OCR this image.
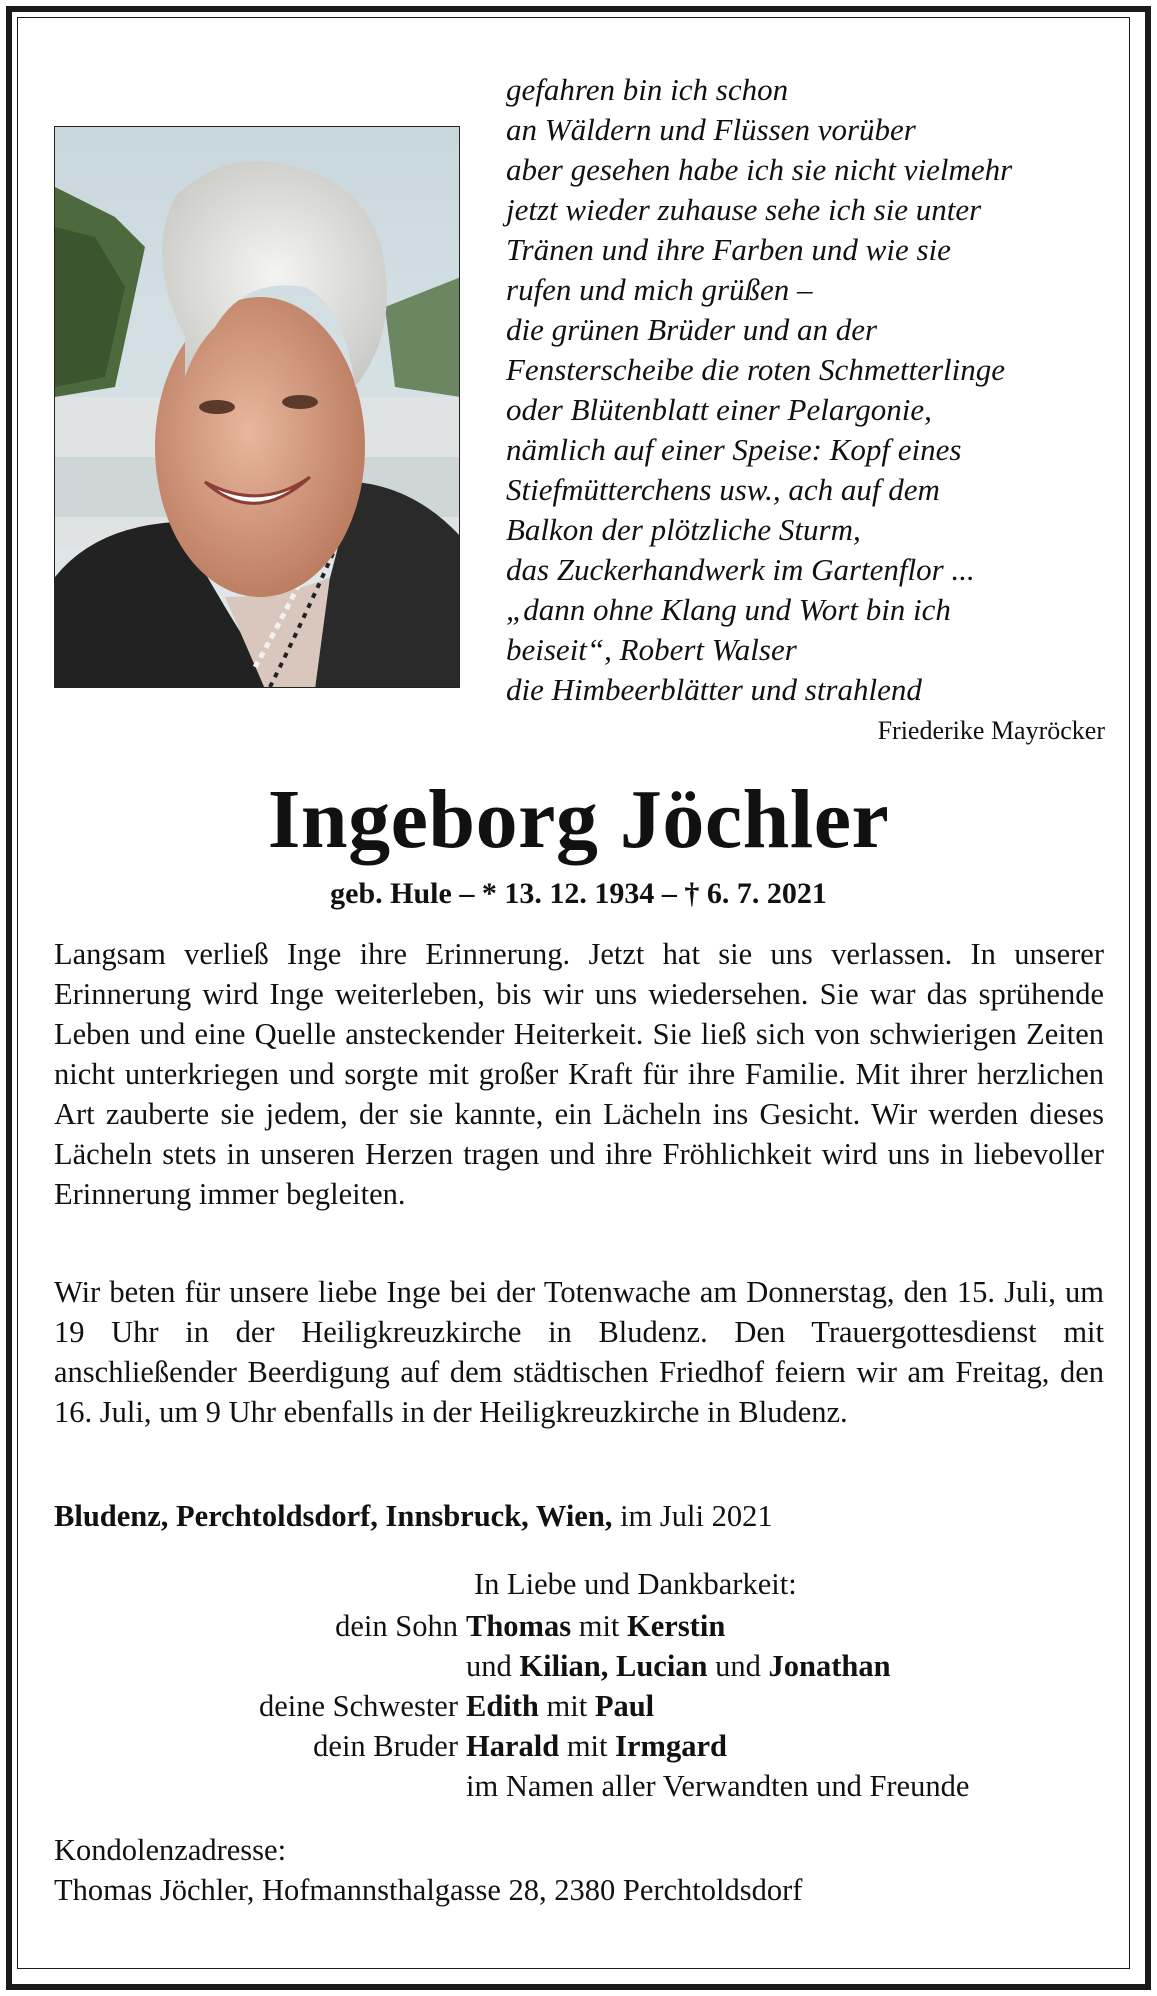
gefahren bin ich schon
an Wäldern und Flüssen vorüber
aber gesehen habe ich sie nicht vielmehr
jetzt wieder zuhause sehe ich sie unter
Tränen und ihre Farben und wie sie
rufen und mich grüßen –
die grünen Brüder und an der
Fensterscheibe die roten Schmetterlinge
oder Blütenblatt einer Pelargonie,
nämlich auf einer Speise: Kopf eines
Stiefmütterchens usw., ach auf dem
Balkon der plötzliche Sturm,
das Zuckerhandwerk im Gartenflor ...
„dann ohne Klang und Wort bin ich
beiseit“, Robert Walser
die Himbeerblätter und strahlend
Friederike Mayröcker
Ingeborg Jöchler
geb. Hule – * 13. 12. 1934 – † 6. 7. 2021
Langsam verließ Inge ihre Erinnerung. Jetzt hat sie uns verlassen. In unserer Erinnerung wird Inge weiterleben, bis wir uns wiedersehen. Sie war das sprühende Leben und eine Quelle ansteckender Heiterkeit. Sie ließ sich von schwierigen Zeiten nicht unterkriegen und sorgte mit großer Kraft für ihre Familie. Mit ihrer herzlichen Art zauberte sie jedem, der sie kannte, ein Lächeln ins Gesicht. Wir werden dieses Lächeln stets in unseren Herzen tragen und ihre Fröhlichkeit wird uns in liebevoller Erinnerung immer begleiten.
Wir beten für unsere liebe Inge bei der Totenwache am Donnerstag, den 15. Juli, um 19 Uhr in der Heiligkreuzkirche in Bludenz. Den Trauergottesdienst mit anschließender Beerdigung auf dem städtischen Friedhof feiern wir am Freitag, den 16. Juli, um 9 Uhr ebenfalls in der Heiligkreuzkirche in Bludenz.
Bludenz, Perchtoldsdorf, Innsbruck, Wien, im Juli 2021
In Liebe und Dankbarkeit:
dein Sohn Thomas mit Kerstin
und Kilian, Lucian und Jonathan
deine Schwester Edith mit Paul
dein Bruder Harald mit Irmgard
im Namen aller Verwandten und Freunde
Kondolenzadresse:
Thomas Jöchler, Hofmannsthalgasse 28, 2380 Perchtoldsdorf
